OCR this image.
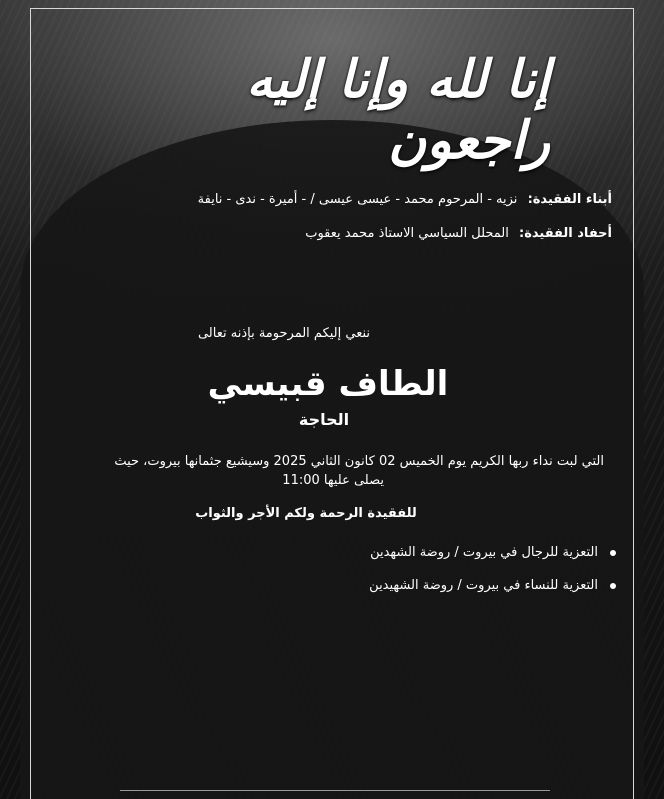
إنا لله وإنا إليه راجعون
أبناء الفقيدة: نزيه - المرحوم محمد - عيسى عيسى / - أميرة - ندى - نايفة
أحفاد الفقيدة: المحلل السياسي الاستاذ محمد يعقوب
ننعي إليكم المرحومة بإذنه تعالى
الطاف قبيسي
الحاجة
التي لبت نداء ربها الكريم يوم الخميس 02 كانون الثاني 2025 وسيشيع جثمانها بيروت، حيث
يصلى عليها 11:00
للفقيدة الرحمة ولكم الأجر والثواب
التعزية للرجال في بيروت / روضة الشهدين
التعزية للنساء في بيروت / روضة الشهيدين
